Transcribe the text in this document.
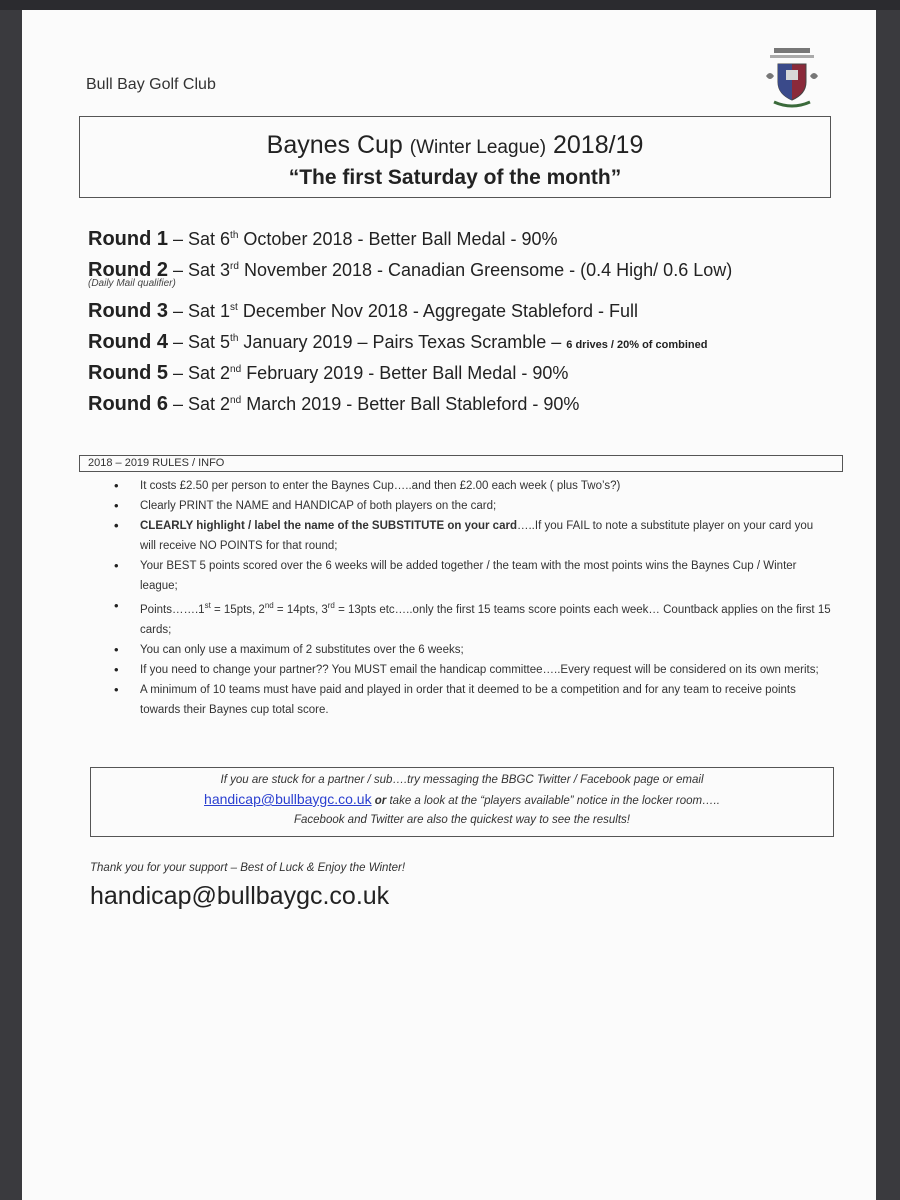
Bull Bay Golf Club
Baynes Cup (Winter League) 2018/19
“The first Saturday of the month”
Round 1 – Sat 6th October 2018 - Better Ball Medal - 90%
Round 2 – Sat 3rd November 2018 - Canadian Greensome - (0.4 High/ 0.6 Low)
(Daily Mail qualifier)
Round 3 – Sat 1st December Nov 2018 - Aggregate Stableford - Full
Round 4 – Sat 5th January 2019 – Pairs Texas Scramble – 6 drives / 20% of combined
Round 5 – Sat 2nd February 2019 - Better Ball Medal - 90%
Round 6 – Sat 2nd March 2019 - Better Ball Stableford - 90%
2018 – 2019 RULES / INFO
• It costs £2.50 per person to enter the Baynes Cup…..and then £2.00 each week ( plus Two’s?)
• Clearly PRINT the NAME and HANDICAP of both players on the card;
• CLEARLY highlight / label the name of the SUBSTITUTE on your card…..If you FAIL to note a substitute player on your card you will receive NO POINTS for that round;
• Your BEST 5 points scored over the 6 weeks will be added together / the team with the most points wins the Baynes Cup / Winter league;
• Points…….1st = 15pts, 2nd = 14pts, 3rd = 13pts etc…..only the first 15 teams score points each week… Countback applies on the first 15 cards;
• You can only use a maximum of 2 substitutes over the 6 weeks;
• If you need to change your partner?? You MUST email the handicap committee…..Every request will be considered on its own merits;
• A minimum of 10 teams must have paid and played in order that it deemed to be a competition and for any team to receive points towards their Baynes cup total score.
If you are stuck for a partner / sub….try messaging the BBGC Twitter / Facebook page or email
handicap@bullbaygc.co.uk or take a look at the “players available” notice in the locker room…..
Facebook and Twitter are also the quickest way to see the results!
Thank you for your support – Best of Luck & Enjoy the Winter!
handicap@bullbaygc.co.uk
